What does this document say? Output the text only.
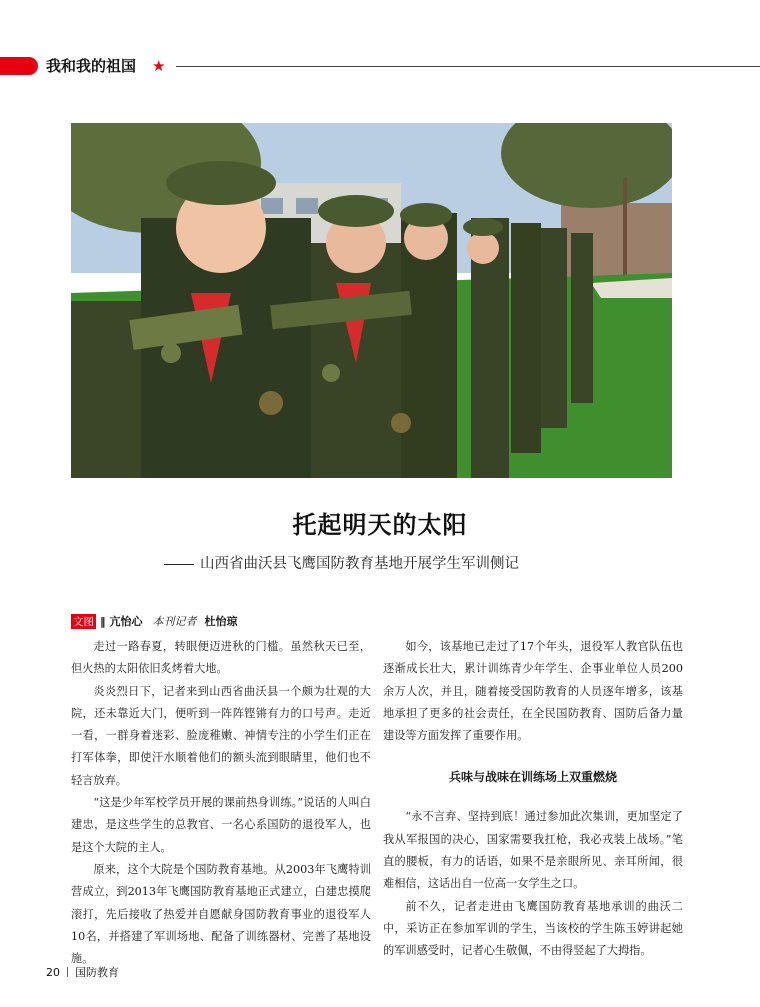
我和我的祖国 ★
托起明天的太阳
山西省曲沃县飞鹰国防教育基地开展学生军训侧记
文图 ‖ 亢怡心 本刊记者 杜怡琼

走过一路春夏，转眼便迈进秋的门槛。虽然秋天已至，但火热的太阳依旧炙烤着大地。

炎炎烈日下，记者来到山西省曲沃县一个颇为壮观的大院，还未靠近大门，便听到一阵阵铿锵有力的口号声。走近一看，一群身着迷彩、脸庞稚嫩、神情专注的小学生们正在打军体拳，即使汗水顺着他们的额头流到眼睛里，他们也不轻言放弃。

“这是少年军校学员开展的课前热身训练。”说话的人叫白建忠，是这些学生的总教官、一名心系国防的退役军人，也是这个大院的主人。

原来，这个大院是个国防教育基地。从2003年飞鹰特训营成立，到2013年飞鹰国防教育基地正式建立，白建忠摸爬滚打，先后接收了热爱并自愿献身国防教育事业的退役军人10名，并搭建了军训场地、配备了训练器材、完善了基地设施。

如今，该基地已走过了17个年头，退役军人教官队伍也逐渐成长壮大，累计训练青少年学生、企事业单位人员200余万人次，并且，随着接受国防教育的人员逐年增多，该基地承担了更多的社会责任，在全民国防教育、国防后备力量建设等方面发挥了重要作用。

兵味与战味在训练场上双重燃烧

“永不言弃、坚持到底！通过参加此次集训，更加坚定了我从军报国的决心，国家需要我扛枪，我必戎装上战场。”笔直的腰板，有力的话语，如果不是亲眼所见、亲耳所闻，很难相信，这话出自一位高一女学生之口。

前不久，记者走进由飞鹰国防教育基地承训的曲沃二中，采访正在参加军训的学生，当该校的学生陈玉婷讲起她的军训感受时，记者心生敬佩，不由得竖起了大拇指。

20 国防教育
